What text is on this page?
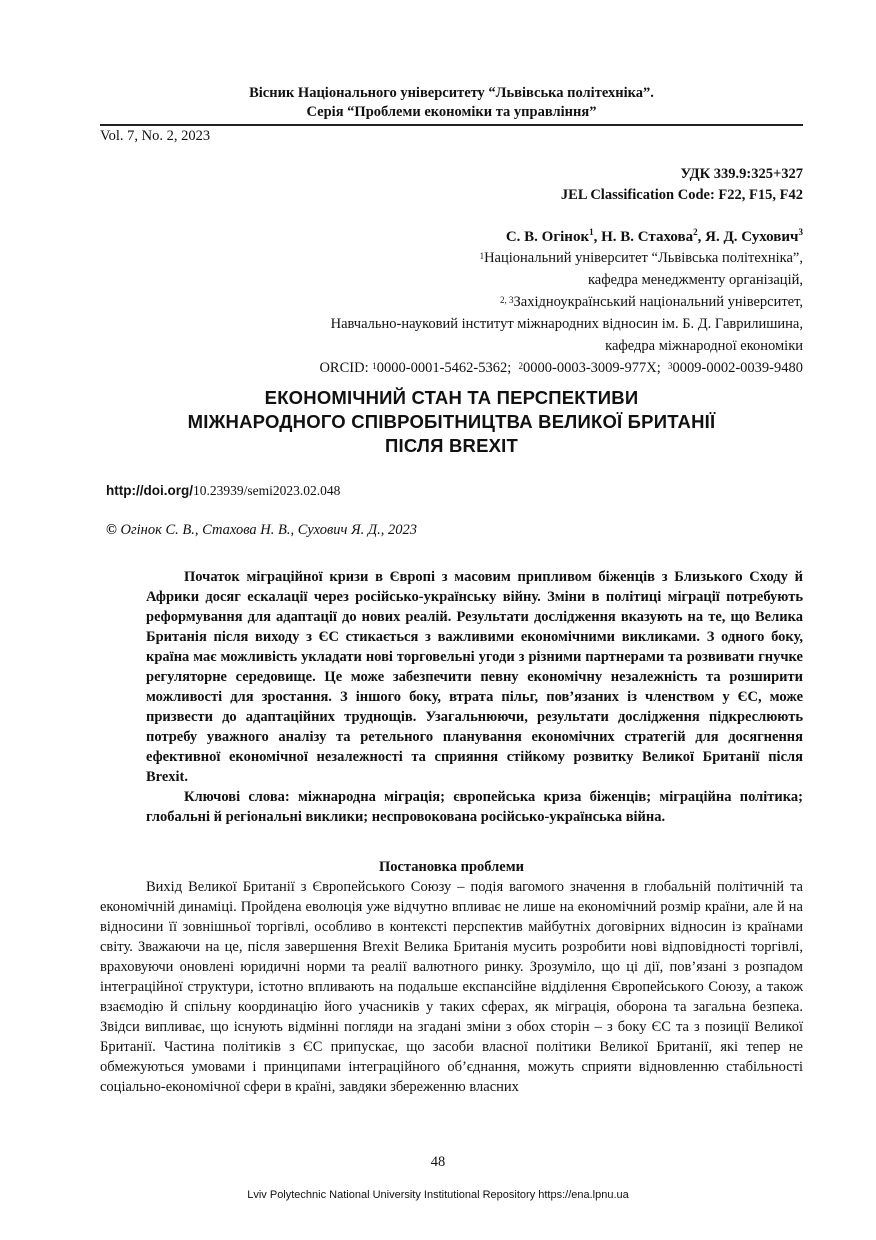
Вісник Національного університету “Львівська політехніка”.
Серія “Проблеми економіки та управління”
Vol. 7, No. 2, 2023
УДК 339.9:325+327
JEL Classification Code: F22, F15, F42
С. В. Огінок$^1$, Н. В. Стахова$^2$, Я. Д. Сухович$^3$
$^1$Національний університет “Львівська політехніка”,
кафедра менеджменту організацій,
$^{2, 3}$Західноукраїнський національний університет,
Навчально-науковий інститут міжнародних відносин ім. Б. Д. Гаврилишина,
кафедра міжнародної економіки
ORCID: $^1$0000-0001-5462-5362; $^2$0000-0003-3009-977X; $^3$0009-0002-0039-9480
ЕКОНОМІЧНИЙ СТАН ТА ПЕРСПЕКТИВИ
МІЖНАРОДНОГО СПІВРОБІТНИЦТВА ВЕЛИКОЇ БРИТАНІЇ
ПІСЛЯ BREXIT
http://doi.org/10.23939/semi2023.02.048
© Огінок С. В., Стахова Н. В., Сухович Я. Д., 2023

Початок міграційної кризи в Європі з масовим припливом біженців з Близького Сходу й Африки досяг ескалації через російсько-українську війну. Зміни в політиці міграції потребують реформування для адаптації до нових реалій. Результати дослідження вказують на те, що Велика Британія після виходу з ЄС стикається з важливими економічними викликами. З одного боку, країна має можливість укладати нові торговельні угоди з різними партнерами та розвивати гнучке регуляторне середовище. Це може забезпечити певну економічну незалежність та розширити можливості для зростання. З іншого боку, втрата пільг, пов’язаних із членством у ЄС, може призвести до адаптаційних труднощів. Узагальнюючи, результати дослідження підкреслюють потребу уважного аналізу та ретельного планування економічних стратегій для досягнення ефективної економічної незалежності та сприяння стійкому розвитку Великої Британії після Brexit.

Ключові слова: міжнародна міграція; європейська криза біженців; міграційна політика; глобальні й регіональні виклики; неспровокована російсько-українська війна.

Постановка проблеми

Вихід Великої Британії з Європейського Союзу – подія вагомого значення в глобальній політичній та економічній динаміці. Пройдена еволюція уже відчутно впливає не лише на економічний розмір країни, але й на відносини її зовнішньої торгівлі, особливо в контексті перспектив майбутніх договірних відносин із країнами світу. Зважаючи на це, після завершення Brexit Велика Британія мусить розробити нові відповідності торгівлі, враховуючи оновлені юридичні норми та реалії валютного ринку. Зрозуміло, що ці дії, пов’язані з розпадом інтеграційної структури, істотно впливають на подальше експансійне відділення Європейського Союзу, а також взаємодію й спільну координацію його учасників у таких сферах, як міграція, оборона та загальна безпека. Звідси випливає, що існують відмінні погляди на згадані зміни з обох сторін – з боку ЄС та з позиції Великої Британії. Частина політиків з ЄС припускає, що засоби власної політики Великої Британії, які тепер не обмежуються умовами і принципами інтеграційного об’єднання, можуть сприяти відновленню стабільності соціально-економічної сфери в країні, завдяки збереженню власних

48
Lviv Polytechnic National University Institutional Repository https://ena.lpnu.ua
